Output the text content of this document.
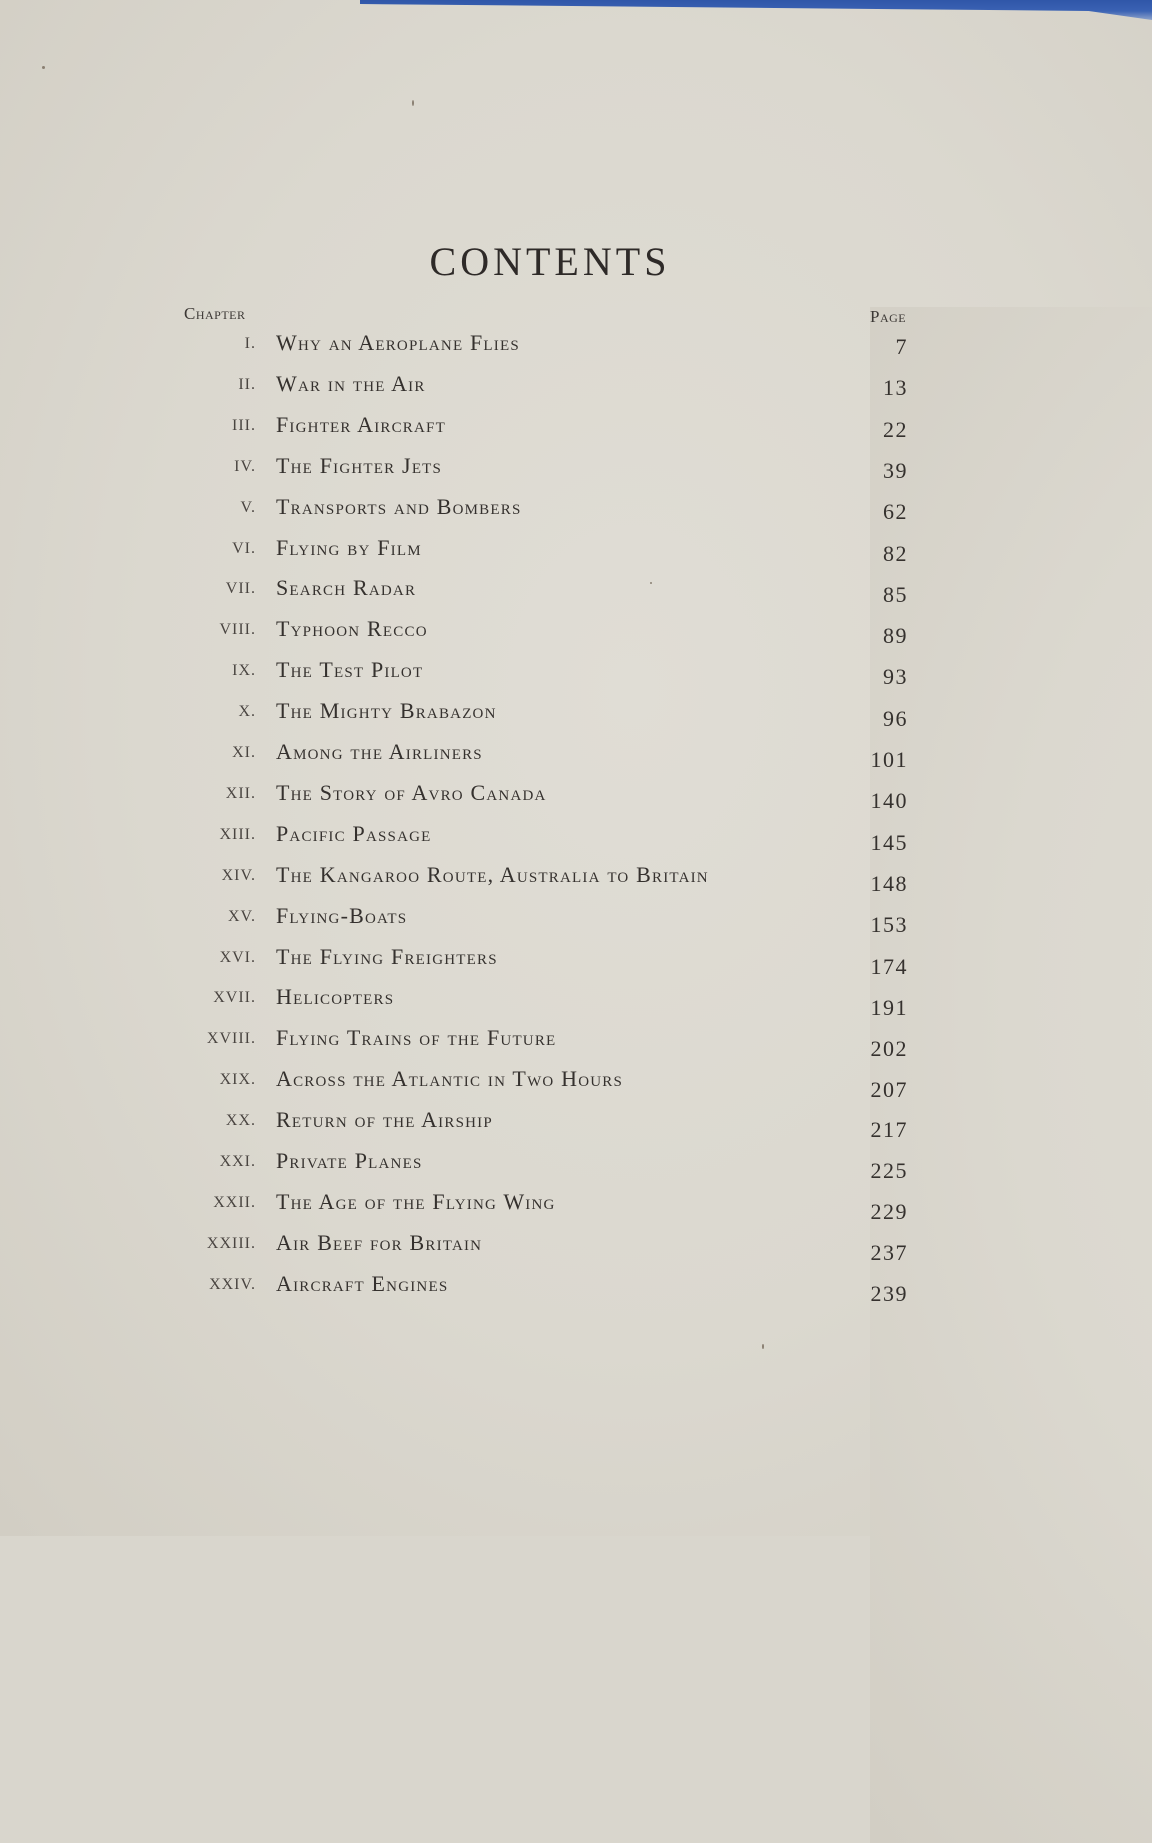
CONTENTS
Chapter	Page
I. Why an Aeroplane Flies	7
II. War in the Air	13
III. Fighter Aircraft	22
IV. The Fighter Jets	39
V. Transports and Bombers	62
VI. Flying by Film	82
VII. Search Radar	85
VIII. Typhoon Recco	89
IX. The Test Pilot	93
X. The Mighty Brabazon	96
XI. Among the Airliners	101
XII. The Story of Avro Canada	140
XIII. Pacific Passage	145
XIV. The Kangaroo Route, Australia to Britain	148
XV. Flying-Boats	153
XVI. The Flying Freighters	174
XVII. Helicopters	191
XVIII. Flying Trains of the Future	202
XIX. Across the Atlantic in Two Hours	207
XX. Return of the Airship	217
XXI. Private Planes	225
XXII. The Age of the Flying Wing	229
XXIII. Air Beef for Britain	237
XXIV. Aircraft Engines	239
